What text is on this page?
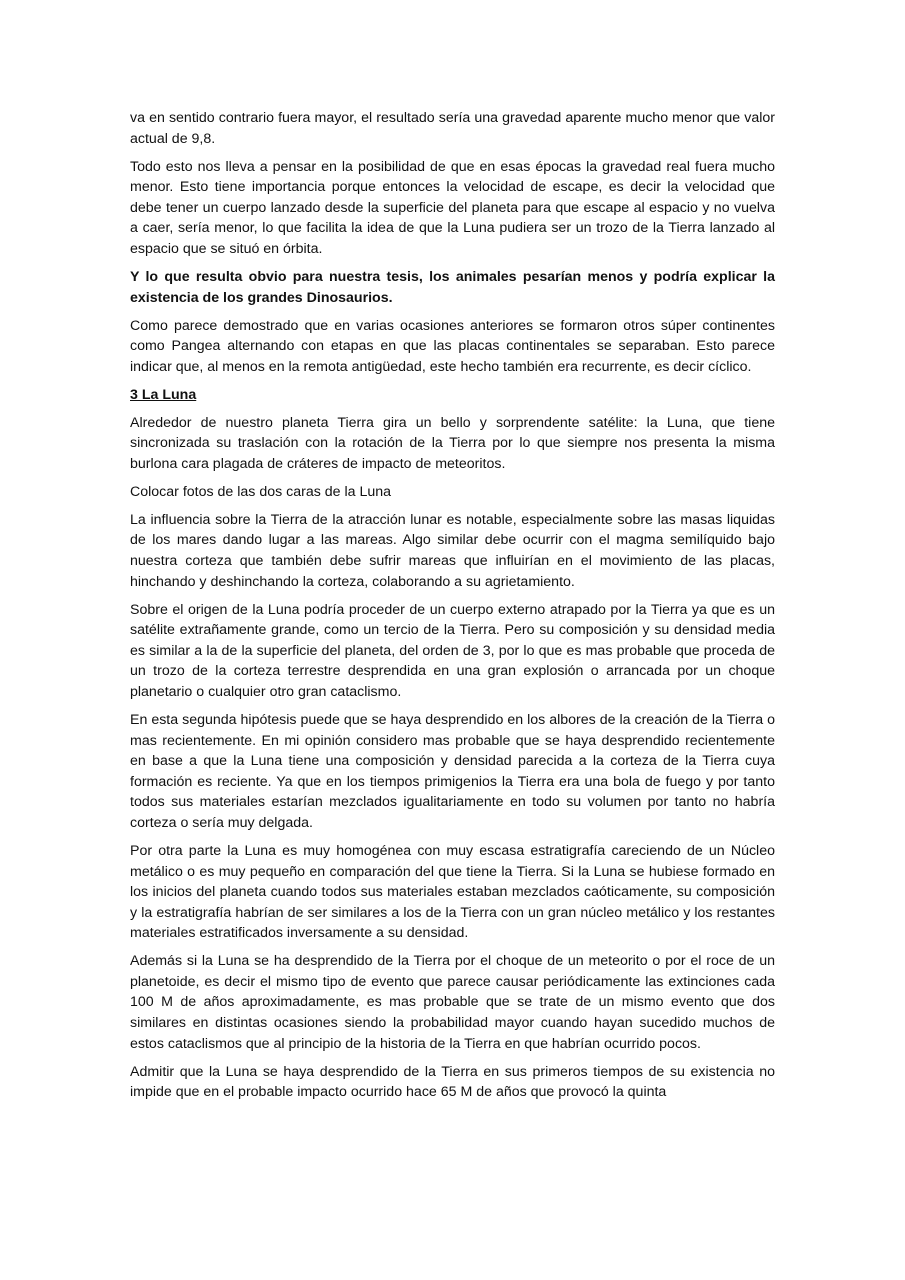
va en sentido contrario fuera mayor, el resultado sería una gravedad aparente mucho menor que valor actual de 9,8.

Todo esto nos lleva a pensar en la posibilidad de que en esas épocas la gravedad real fuera mucho menor. Esto tiene importancia porque entonces la velocidad de escape, es decir la velocidad que debe tener un cuerpo lanzado desde la superficie del planeta para que escape al espacio y no vuelva a caer, sería menor, lo que facilita la idea de que la Luna pudiera ser un trozo de la Tierra lanzado al espacio que se situó en órbita.

Y lo que resulta obvio para nuestra tesis, los animales pesarían menos y podría explicar la existencia de los grandes Dinosaurios.

Como parece demostrado que en varias ocasiones anteriores se formaron otros súper continentes como Pangea alternando con etapas en que las placas continentales se separaban. Esto parece indicar que, al menos en la remota antigüedad, este hecho también era recurrente, es decir cíclico.

3 La Luna

Alrededor de nuestro planeta Tierra gira un bello y sorprendente satélite: la Luna, que tiene sincronizada su traslación con la rotación de la Tierra por lo que siempre nos presenta la misma burlona cara plagada de cráteres de impacto de meteoritos.

Colocar fotos de las dos caras de la Luna

La influencia sobre la Tierra de la atracción lunar es notable, especialmente sobre las masas liquidas de los mares dando lugar a las mareas. Algo similar debe ocurrir con el magma semilíquido bajo nuestra corteza que también debe sufrir mareas que influirían en el movimiento de las placas, hinchando y deshinchando la corteza, colaborando a su agrietamiento.

Sobre el origen de la Luna podría proceder de un cuerpo externo atrapado por la Tierra ya que es un satélite extrañamente grande, como un tercio de la Tierra. Pero su composición y su densidad media es similar a la de la superficie del planeta, del orden de 3, por lo que es mas probable que proceda de un trozo de la corteza terrestre desprendida en una gran explosión o arrancada por un choque planetario o cualquier otro gran cataclismo.

En esta segunda hipótesis puede que se haya desprendido en los albores de la creación de la Tierra o mas recientemente. En mi opinión considero mas probable que se haya desprendido recientemente en base a que la Luna tiene una composición y densidad parecida a la corteza de la Tierra cuya formación es reciente. Ya que en los tiempos primigenios la Tierra era una bola de fuego y por tanto todos sus materiales estarían mezclados igualitariamente en todo su volumen por tanto no habría corteza o sería muy delgada.

Por otra parte la Luna es muy homogénea con muy escasa estratigrafía careciendo de un Núcleo metálico o es muy pequeño en comparación del que tiene la Tierra. Si la Luna se hubiese formado en los inicios del planeta cuando todos sus materiales estaban mezclados caóticamente, su composición y la estratigrafía habrían de ser similares a los de la Tierra con un gran núcleo metálico y los restantes materiales estratificados inversamente a su densidad.

Además si la Luna se ha desprendido de la Tierra por el choque de un meteorito o por el roce de un planetoide, es decir el mismo tipo de evento que parece causar periódicamente las extinciones cada 100 M de años aproximadamente, es mas probable que se trate de un mismo evento que dos similares en distintas ocasiones siendo la probabilidad mayor cuando hayan sucedido muchos de estos cataclismos que al principio de la historia de la Tierra en que habrían ocurrido pocos.

Admitir que la Luna se haya desprendido de la Tierra en sus primeros tiempos de su existencia no impide que en el probable impacto ocurrido hace 65 M de años que provocó la quinta
